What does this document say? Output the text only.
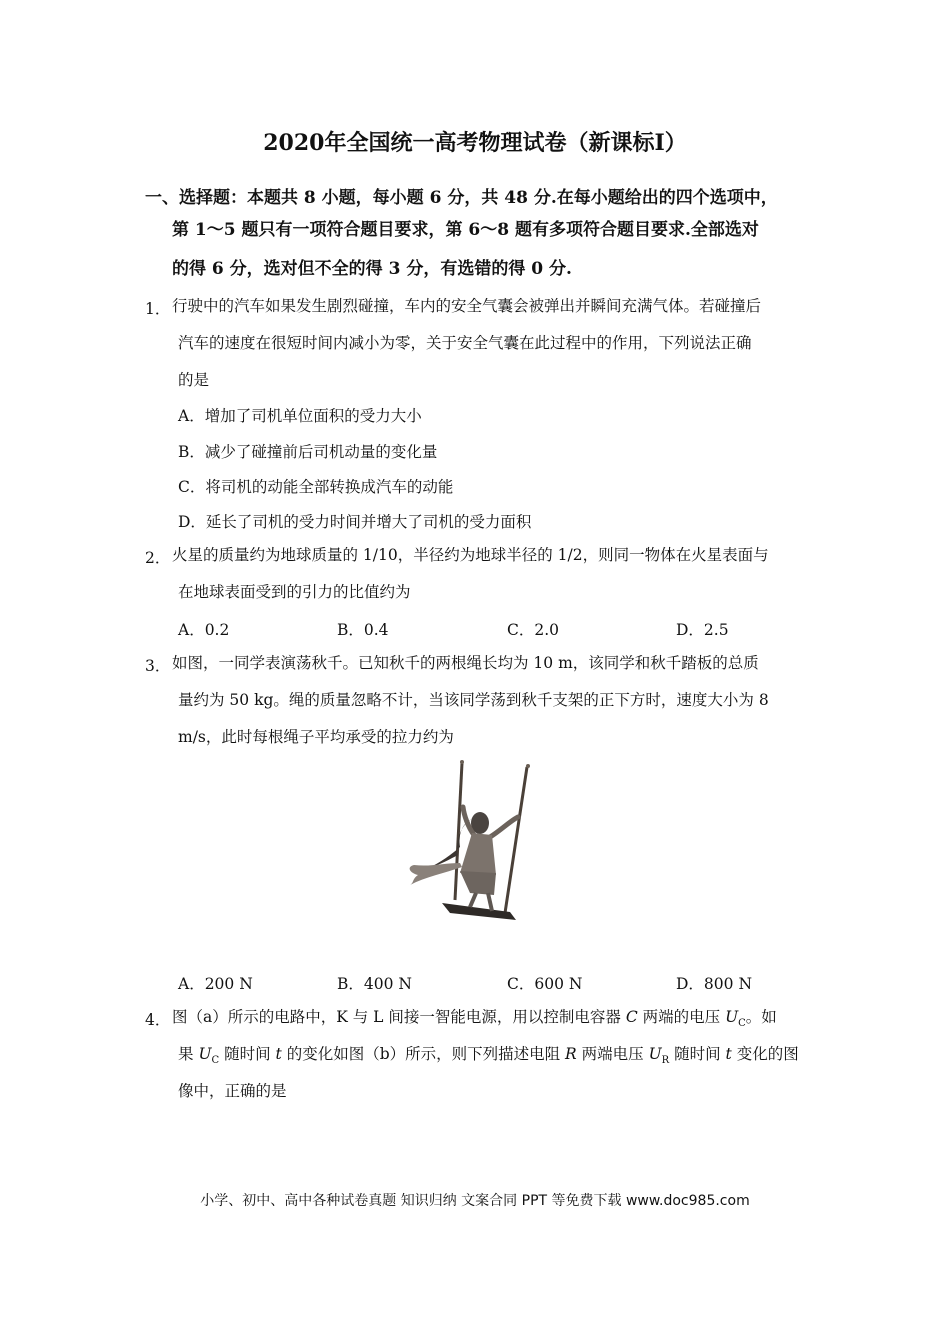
2020年全国统一高考物理试卷（新课标Ⅰ）
一、选择题：本题共 8 小题，每小题 6 分，共 48 分.在每小题给出的四个选项中，
第 1～5 题只有一项符合题目要求，第 6～8 题有多项符合题目要求.全部选对
的得 6 分，选对但不全的得 3 分，有选错的得 0 分.
1． 行驶中的汽车如果发生剧烈碰撞，车内的安全气囊会被弹出并瞬间充满气体。若碰撞后
汽车的速度在很短时间内减小为零，关于安全气囊在此过程中的作用，下列说法正确
的是
A．增加了司机单位面积的受力大小
B．减少了碰撞前后司机动量的变化量
C．将司机的动能全部转换成汽车的动能
D．延长了司机的受力时间并增大了司机的受力面积
2． 火星的质量约为地球质量的 1/10，半径约为地球半径的 1/2，则同一物体在火星表面与
在地球表面受到的引力的比值约为
A．0.2	B．0.4	C．2.0	D．2.5
3． 如图，一同学表演荡秋千。已知秋千的两根绳长均为 10 m，该同学和秋千踏板的总质
量约为 50 kg。绳的质量忽略不计，当该同学荡到秋千支架的正下方时，速度大小为 8
m/s，此时每根绳子平均承受的拉力约为
A．200 N	B．400 N	C．600 N	D．800 N
4． 图（a）所示的电路中，K 与 L 间接一智能电源，用以控制电容器 C 两端的电压 $U_C$。如
果 $U_C$ 随时间 t 的变化如图（b）所示，则下列描述电阻 R 两端电压 $U_R$ 随时间 t 变化的图
像中，正确的是
小学、初中、高中各种试卷真题 知识归纳 文案合同 PPT 等免费下载 www.doc985.com
